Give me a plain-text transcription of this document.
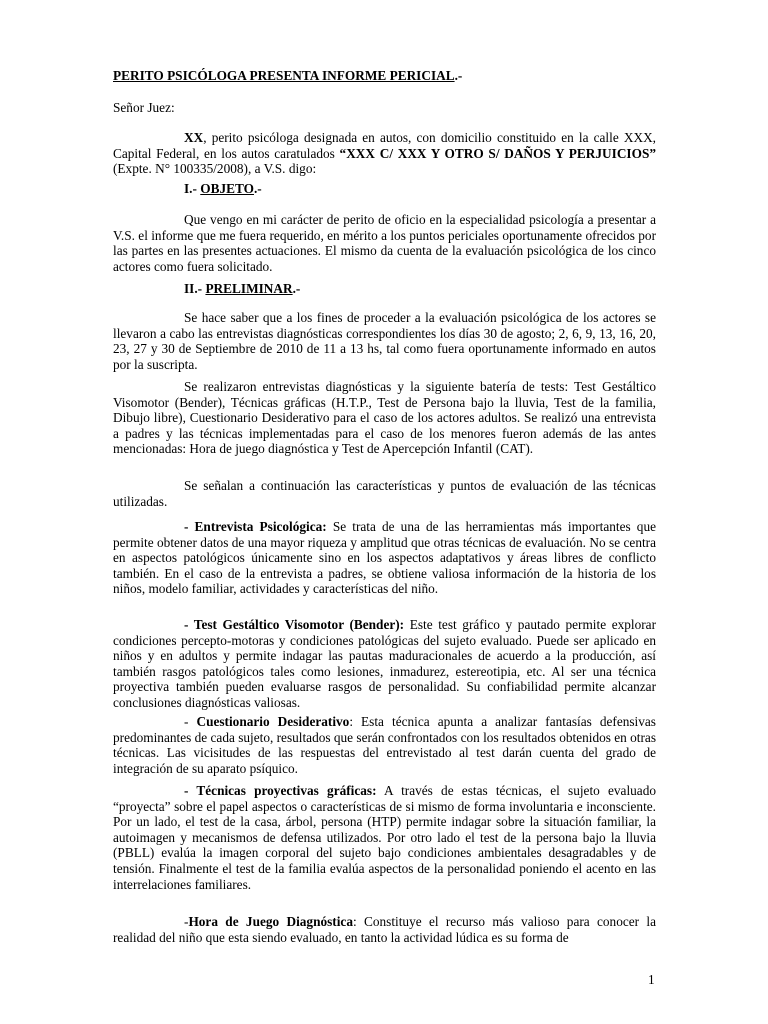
PERITO PSICÓLOGA PRESENTA INFORME PERICIAL.-

Señor Juez:

XX, perito psicóloga designada en autos, con domicilio constituido en la calle XXX, Capital Federal, en los autos caratulados “XXX C/ XXX Y OTRO S/ DAÑOS Y PERJUICIOS” (Expte. N° 100335/2008), a V.S. digo:

I.- OBJETO.-

Que vengo en mi carácter de perito de oficio en la especialidad psicología a presentar a V.S. el informe que me fuera requerido, en mérito a los puntos periciales oportunamente ofrecidos por las partes en las presentes actuaciones. El mismo da cuenta de la evaluación psicológica de los cinco actores como fuera solicitado.

II.- PRELIMINAR.-

Se hace saber que a los fines de proceder a la evaluación psicológica de los actores se llevaron a cabo las entrevistas diagnósticas correspondientes los días 30 de agosto; 2, 6, 9, 13, 16, 20, 23, 27 y 30 de Septiembre de 2010 de 11 a 13 hs, tal como fuera oportunamente informado en autos por la suscripta.

Se realizaron entrevistas diagnósticas y la siguiente batería de tests: Test Gestáltico Visomotor (Bender), Técnicas gráficas (H.T.P., Test de Persona bajo la lluvia, Test de la familia, Dibujo libre), Cuestionario Desiderativo para el caso de los actores adultos. Se realizó una entrevista a padres y las técnicas implementadas para el caso de los menores fueron además de las antes mencionadas: Hora de juego diagnóstica y Test de Apercepción Infantil (CAT).

Se señalan a continuación las características y puntos de evaluación de las técnicas utilizadas.

- Entrevista Psicológica: Se trata de una de las herramientas más importantes que permite obtener datos de una mayor riqueza y amplitud que otras técnicas de evaluación. No se centra en aspectos patológicos únicamente sino en los aspectos adaptativos y áreas libres de conflicto también. En el caso de la entrevista a padres, se obtiene valiosa información de la historia de los niños, modelo familiar, actividades y características del niño.

- Test Gestáltico Visomotor (Bender): Este test gráfico y pautado permite explorar condiciones percepto-motoras y condiciones patológicas del sujeto evaluado. Puede ser aplicado en niños y en adultos y permite indagar las pautas maduracionales de acuerdo a la producción, así también rasgos patológicos tales como lesiones, inmadurez, estereotipia, etc. Al ser una técnica proyectiva también pueden evaluarse rasgos de personalidad. Su confiabilidad permite alcanzar conclusiones diagnósticas valiosas.

- Cuestionario Desiderativo: Esta técnica apunta a analizar fantasías defensivas predominantes de cada sujeto, resultados que serán confrontados con los resultados obtenidos en otras técnicas. Las vicisitudes de las respuestas del entrevistado al test darán cuenta del grado de integración de su aparato psíquico.

- Técnicas proyectivas gráficas: A través de estas técnicas, el sujeto evaluado “proyecta” sobre el papel aspectos o características de si mismo de forma involuntaria e inconsciente. Por un lado, el test de la casa, árbol, persona (HTP) permite indagar sobre la situación familiar, la autoimagen y mecanismos de defensa utilizados. Por otro lado el test de la persona bajo la lluvia (PBLL) evalúa la imagen corporal del sujeto bajo condiciones ambientales desagradables y de tensión. Finalmente el test de la familia evalúa aspectos de la personalidad poniendo el acento en las interrelaciones familiares.

-Hora de Juego Diagnóstica: Constituye el recurso más valioso para conocer la realidad del niño que esta siendo evaluado, en tanto la actividad lúdica es su forma de

1
